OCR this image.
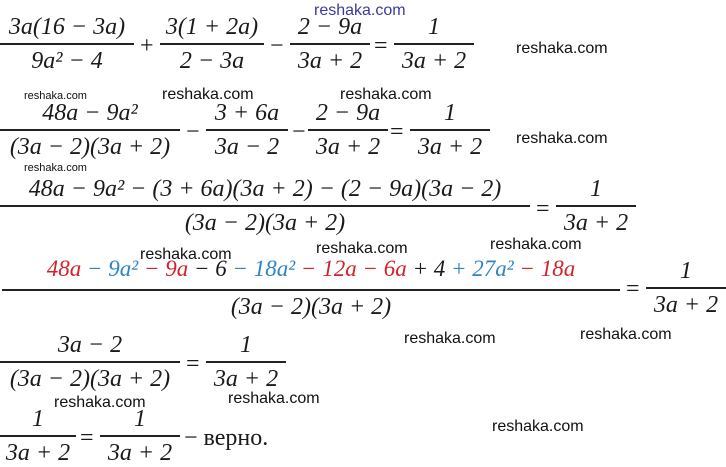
reshaka.com
reshaka.com
reshaka.com	reshaka.com
reshaka.com
reshaka.com
reshaka.com
reshaka.com	reshaka.com	reshaka.com
reshaka.com
reshaka.com
reshaka.com	reshaka.com
reshaka.com
3a(16 − 3a)
9a² − 4
+
3(1 + 2a)
2 − 3a
−
2 − 9a
3a + 2
=
1
3a + 2
48a − 9a²
(3a − 2)(3a + 2)
−
3 + 6a
3a − 2
−
2 − 9a
3a + 2
=
1
3a + 2
48a − 9a² − (3 + 6a)(3a + 2) − (2 − 9a)(3a − 2)
(3a − 2)(3a + 2)
=
1
3a + 2
48a − 9a² − 9a − 6 − 18a² − 12a − 6a + 4 + 27a² − 18a
(3a − 2)(3a + 2)
=
1
3a + 2
3a − 2
(3a − 2)(3a + 2)
=
1
3a + 2
1
3a + 2
=
1
3a + 2
− верно.
